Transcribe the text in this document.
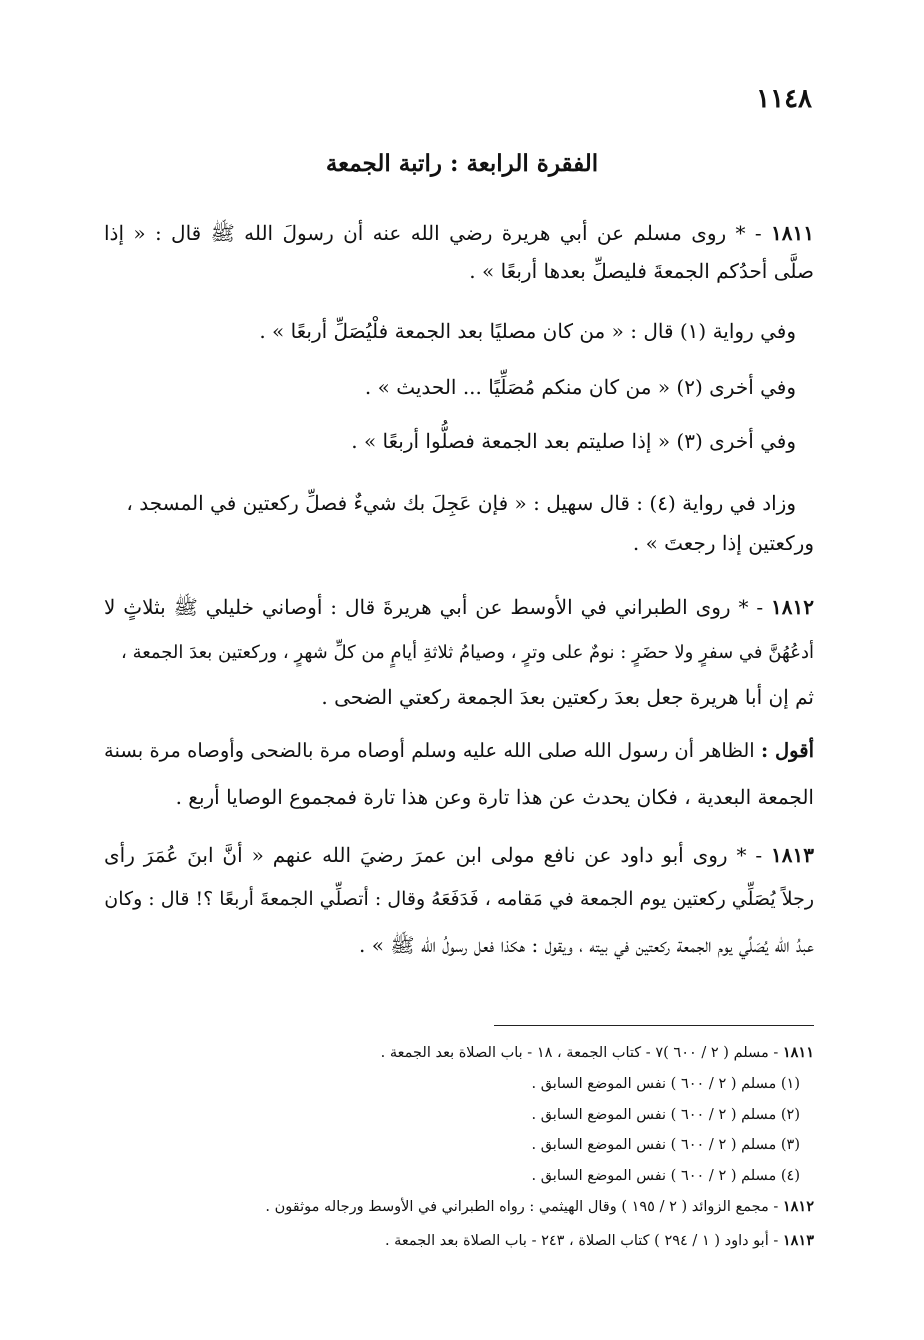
١١٤٨
الفقرة الرابعة : راتبة الجمعة
١٨١١ - * روى مسلم عن أبي هريرة رضي الله عنه أن رسولَ الله ﷺ قال : « إذا
صلَّى أحدُكم الجمعةَ فليصلِّ بعدها أربعًا » .
وفي رواية (١) قال : « من كان مصليًا بعد الجمعة فلْيُصَلِّ أربعًا » .
وفي أخرى (٢) « من كان منكم مُصَلِّيًا ... الحديث » .
وفي أخرى (٣) « إذا صليتم بعد الجمعة فصلُّوا أربعًا » .
وزاد في رواية (٤) : قال سهيل : « فإن عَجِلَ بك شيءٌ فصلِّ ركعتين في المسجد ،
وركعتين إذا رجعتَ » .
١٨١٢ - * روى الطبراني في الأوسط عن أبي هريرةَ قال : أوصاني خليلي ﷺ بثلاثٍ لا
أدعُهُنَّ في سفرٍ ولا حضَرٍ : نومٌ على وترٍ ، وصيامُ ثلاثةِ أيامٍ من كلِّ شهرٍ ، وركعتين بعدَ الجمعة ،
ثم إن أبا هريرة جعل بعدَ ركعتين بعدَ الجمعة ركعتي الضحى .
أقول : الظاهر أن رسول الله صلى الله عليه وسلم أوصاه مرة بالضحى وأوصاه مرة بسنة
الجمعة البعدية ، فكان يحدث عن هذا تارة وعن هذا تارة فمجموع الوصايا أربع .
١٨١٣ - * روى أبو داود عن نافع مولى ابن عمرَ رضيَ الله عنهم « أنَّ ابنَ عُمَرَ رأى
رجلاً يُصَلِّي ركعتين يوم الجمعة في مَقامه ، فَدَفَعَهُ وقال : أتصلِّي الجمعةَ أربعًا ؟! قال : وكان
عبدُ الله يُصَلِّي يوم الجمعة ركعتين في بيته ، ويقول : هكذا فعل رسولُ الله ﷺ » .
١٨١١ - مسلم ( ٢ / ٦٠٠ )٧ - كتاب الجمعة ، ١٨ - باب الصلاة بعد الجمعة .
(١) مسلم ( ٢ / ٦٠٠ ) نفس الموضع السابق .
(٢) مسلم ( ٢ / ٦٠٠ ) نفس الموضع السابق .
(٣) مسلم ( ٢ / ٦٠٠ ) نفس الموضع السابق .
(٤) مسلم ( ٢ / ٦٠٠ ) نفس الموضع السابق .
١٨١٢ - مجمع الزوائد ( ٢ / ١٩٥ ) وقال الهيثمي : رواه الطبراني في الأوسط ورجاله موثقون .
١٨١٣ - أبو داود ( ١ / ٢٩٤ ) كتاب الصلاة ، ٢٤٣ - باب الصلاة بعد الجمعة .
